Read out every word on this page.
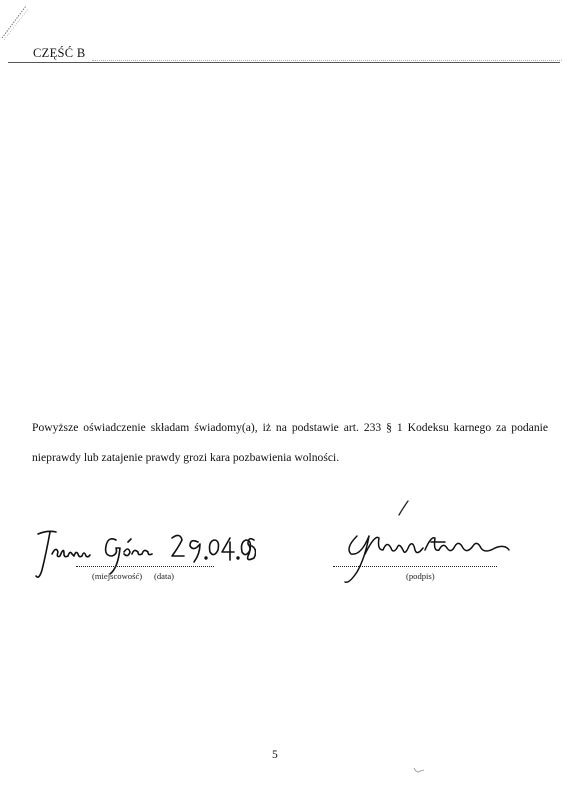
CZĘŚĆ B
Powyższe oświadczenie składam świadomy(a), iż na podstawie art. 233 § 1 Kodeksu karnego za podanie nieprawdy lub zatajenie prawdy grozi kara pozbawienia wolności.
(miejscowość) (data)	(podpis)
5
